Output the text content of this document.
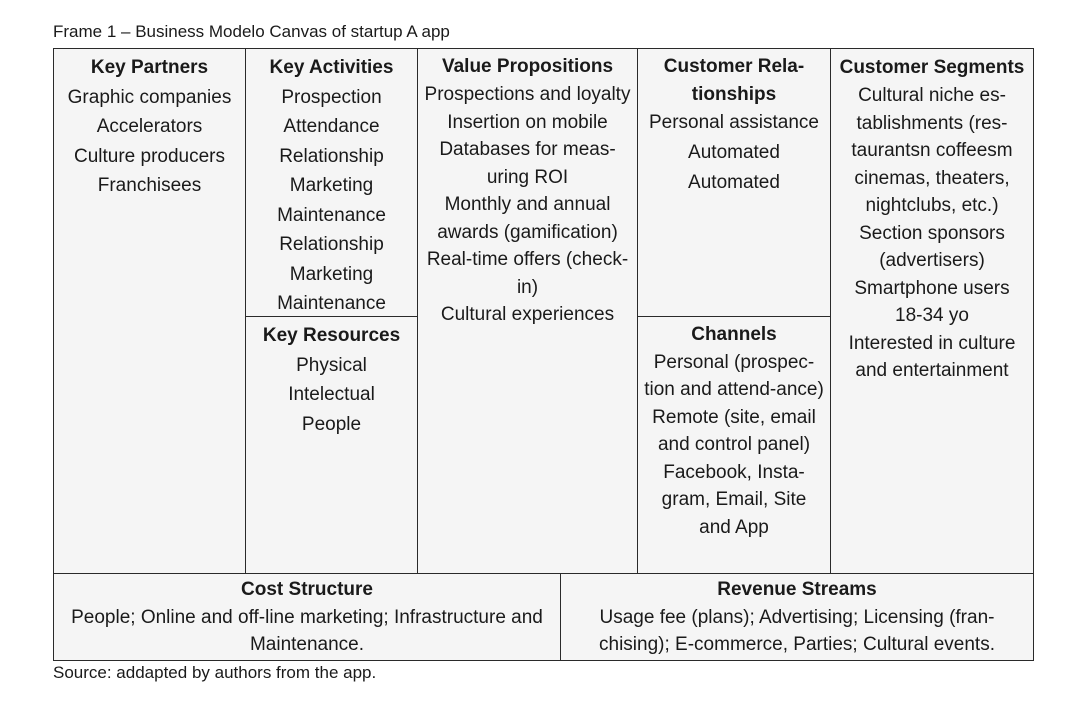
Frame 1 – Business Modelo Canvas of startup A app
Key Partners
Graphic companies
Accelerators
Culture producers
Franchisees
Key Activities
Prospection
Attendance
Relationship
Marketing
Maintenance
Relationship
Marketing
Maintenance
Key Resources
Physical
Intelectual
People
Value Propositions
Prospections and loyalty
Insertion on mobile
Databases for meas-uring ROI
Monthly and annual awards (gamification)
Real-time offers (check-in)
Cultural experiences
Customer Rela-tionships
Personal assistance
Automated
Automated
Channels
Personal (prospec-tion and attend-ance)
Remote (site, email and control panel)
Facebook, Insta-gram, Email, Site and App
Customer Segments
Cultural niche es-tablishments (res-taurantsn coffeesm cinemas, theaters, nightclubs, etc.)
Section sponsors (advertisers)
Smartphone users 18-34 yo
Interested in culture and entertainment
Cost Structure
People; Online and off-line marketing; Infrastructure and Maintenance.
Revenue Streams
Usage fee (plans); Advertising; Licensing (fran-chising); E-commerce, Parties; Cultural events.
Source: addapted by authors from the app.
